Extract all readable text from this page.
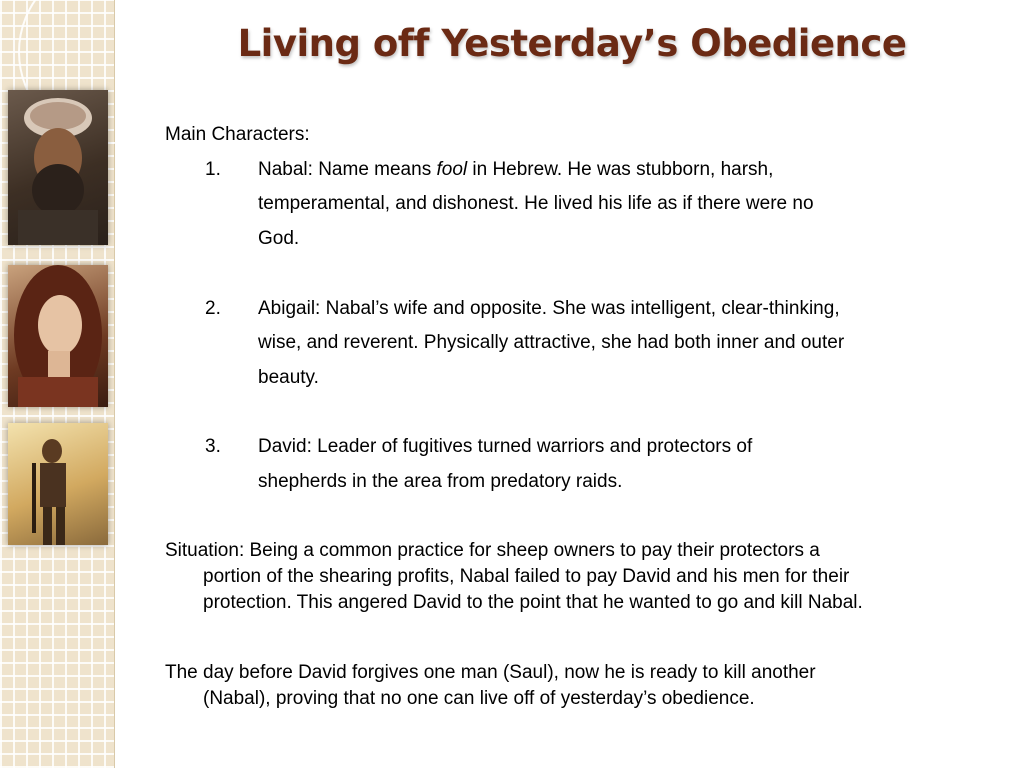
Living off Yesterday’s Obedience
Main Characters:
1. Nabal: Name means fool in Hebrew. He was stubborn, harsh,
temperamental, and dishonest. He lived his life as if there were no
God.
2. Abigail: Nabal’s wife and opposite. She was intelligent, clear-thinking,
wise, and reverent. Physically attractive, she had both inner and outer
beauty.
3. David: Leader of fugitives turned warriors and protectors of
shepherds in the area from predatory raids.
Situation: Being a common practice for sheep owners to pay their protectors a
portion of the shearing profits, Nabal failed to pay David and his men for their
protection. This angered David to the point that he wanted to go and kill Nabal.
The day before David forgives one man (Saul), now he is ready to kill another
(Nabal), proving that no one can live off of yesterday’s obedience.
